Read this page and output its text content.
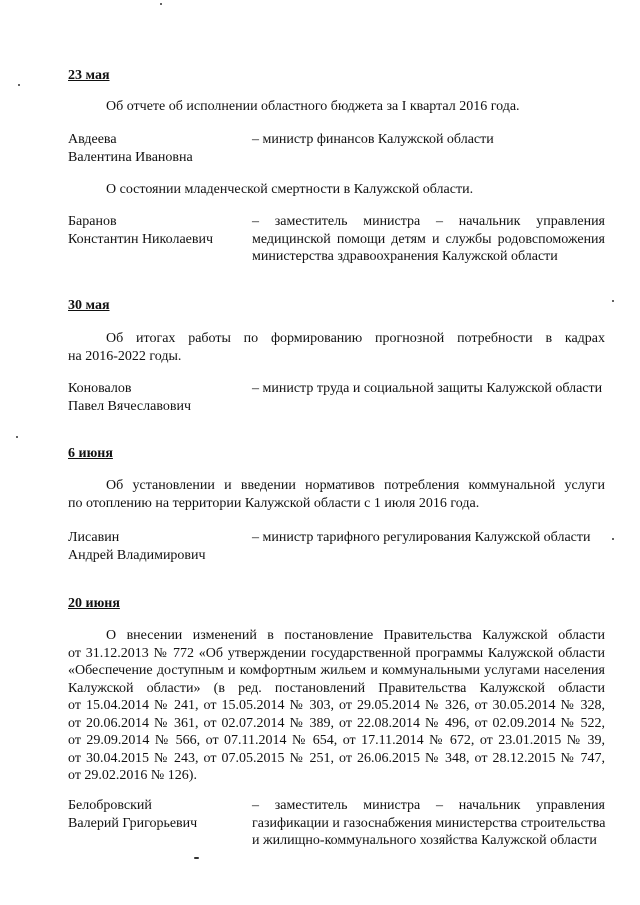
23 мая
Об отчете об исполнении областного бюджета за I квартал 2016 года.
Авдеева
Валентина Ивановна
– министр финансов Калужской области
О состоянии младенческой смертности в Калужской области.
Баранов
Константин Николаевич
– заместитель министра – начальник управления
медицинской помощи детям и службы родовспоможения
министерства здравоохранения Калужской области
30 мая
Об итогах работы по формированию прогнозной потребности в кадрах
на 2016-2022 годы.
Коновалов
Павел Вячеславович
– министр труда и социальной защиты Калужской области
6 июня
Об установлении и введении нормативов потребления коммунальной услуги
по отоплению на территории Калужской области с 1 июля 2016 года.
Лисавин
Андрей Владимирович
– министр тарифного регулирования Калужской области
20 июня
О внесении изменений в постановление Правительства Калужской области
от 31.12.2013 № 772 «Об утверждении государственной программы Калужской области
«Обеспечение доступным и комфортным жильем и коммунальными услугами населения
Калужской области» (в ред. постановлений Правительства Калужской области
от 15.04.2014 № 241, от 15.05.2014 № 303, от 29.05.2014 № 326, от 30.05.2014 № 328,
от 20.06.2014 № 361, от 02.07.2014 № 389, от 22.08.2014 № 496, от 02.09.2014 № 522,
от 29.09.2014 № 566, от 07.11.2014 № 654, от 17.11.2014 № 672, от 23.01.2015 № 39,
от 30.04.2015 № 243, от 07.05.2015 № 251, от 26.06.2015 № 348, от 28.12.2015 № 747,
от 29.02.2016 № 126).
Белобровский
Валерий Григорьевич
– заместитель министра – начальник управления
газификации и газоснабжения министерства строительства
и жилищно-коммунального хозяйства Калужской области
